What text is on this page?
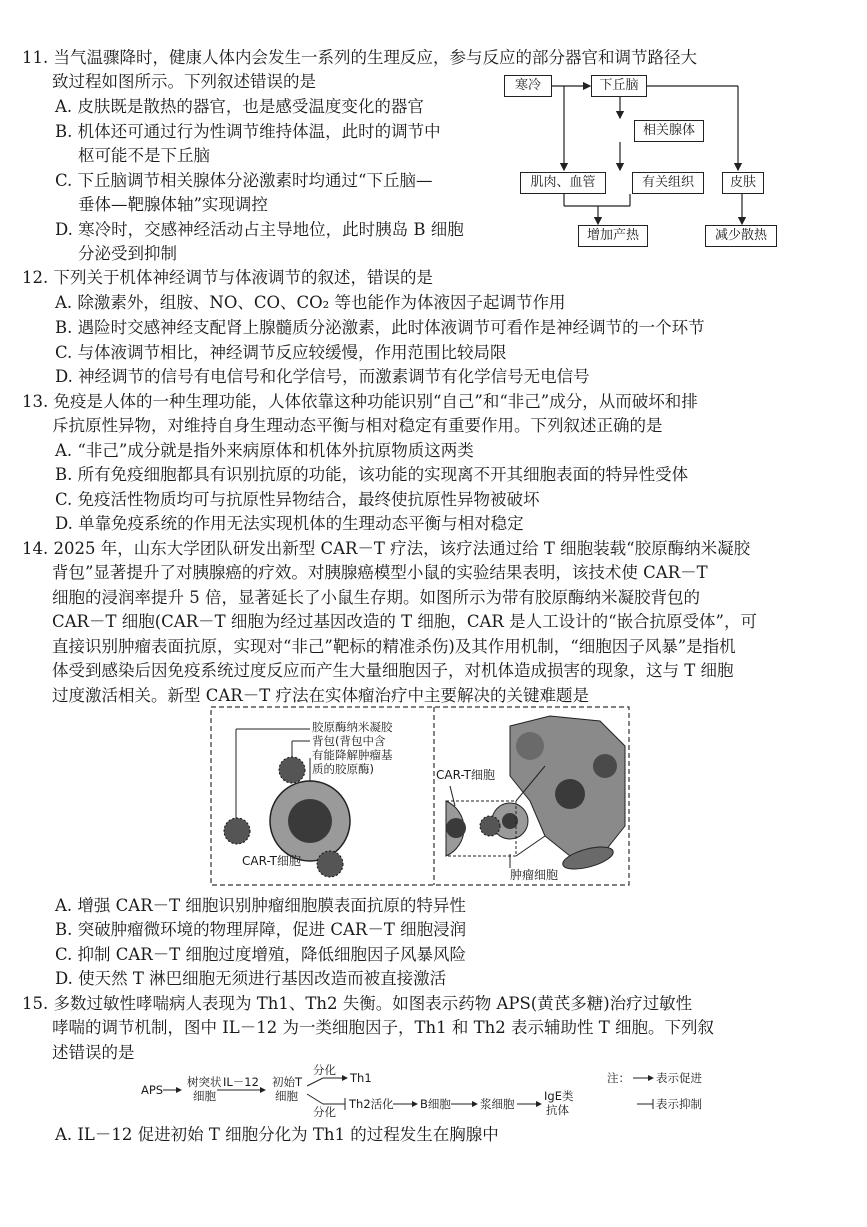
11. 当气温骤降时，健康人体内会发生一系列的生理反应，参与反应的部分器官和调节路径大
致过程如图所示。下列叙述错误的是
A. 皮肤既是散热的器官，也是感受温度变化的器官
B. 机体还可通过行为性调节维持体温，此时的调节中
枢可能不是下丘脑
C. 下丘脑调节相关腺体分泌激素时均通过“下丘脑—
垂体—靶腺体轴”实现调控
D. 寒冷时，交感神经活动占主导地位，此时胰岛 B 细胞
分泌受到抑制
寒冷	下丘脑
相关腺体
肌肉、血管	有关组织	皮肤
增加产热	减少散热
12. 下列关于机体神经调节与体液调节的叙述，错误的是
A. 除激素外，组胺、NO、CO、CO₂ 等也能作为体液因子起调节作用
B. 遇险时交感神经支配肾上腺髓质分泌激素，此时体液调节可看作是神经调节的一个环节
C. 与体液调节相比，神经调节反应较缓慢，作用范围比较局限
D. 神经调节的信号有电信号和化学信号，而激素调节有化学信号无电信号
13. 免疫是人体的一种生理功能，人体依靠这种功能识别“自己”和“非己”成分，从而破坏和排
斥抗原性异物，对维持自身生理动态平衡与相对稳定有重要作用。下列叙述正确的是
A. “非己”成分就是指外来病原体和机体外抗原物质这两类
B. 所有免疫细胞都具有识别抗原的功能，该功能的实现离不开其细胞表面的特异性受体
C. 免疫活性物质均可与抗原性异物结合，最终使抗原性异物被破坏
D. 单靠免疫系统的作用无法实现机体的生理动态平衡与相对稳定
14. 2025 年，山东大学团队研发出新型 CAR－T 疗法，该疗法通过给 T 细胞装载“胶原酶纳米凝胶
背包”显著提升了对胰腺癌的疗效。对胰腺癌模型小鼠的实验结果表明，该技术使 CAR－T
细胞的浸润率提升 5 倍，显著延长了小鼠生存期。如图所示为带有胶原酶纳米凝胶背包的
CAR－T 细胞(CAR－T 细胞为经过基因改造的 T 细胞，CAR 是人工设计的“嵌合抗原受体”，可
直接识别肿瘤表面抗原，实现对“非己”靶标的精准杀伤)及其作用机制，“细胞因子风暴”是指机
体受到感染后因免疫系统过度反应而产生大量细胞因子，对机体造成损害的现象，这与 T 细胞
过度激活相关。新型 CAR－T 疗法在实体瘤治疗中主要解决的关键难题是
胶原酶纳米凝胶
背包(背包中含
有能降解肿瘤基
质的胶原酶)
CAR-T细胞
CAR-T细胞
肿瘤细胞
A. 增强 CAR－T 细胞识别肿瘤细胞膜表面抗原的特异性
B. 突破肿瘤微环境的物理屏障，促进 CAR－T 细胞浸润
C. 抑制 CAR－T 细胞过度增殖，降低细胞因子风暴风险
D. 使天然 T 淋巴细胞无须进行基因改造而被直接激活
15. 多数过敏性哮喘病人表现为 Th1、Th2 失衡。如图表示药物 APS(黄芪多糖)治疗过敏性
哮喘的调节机制，图中 IL－12 为一类细胞因子，Th1 和 Th2 表示辅助性 T 细胞。下列叙
述错误的是
APS
树突状
细胞
IL－12 初始T
细胞
分化
Th1
分化
Th2活化 B细胞	浆细胞
IgE类
抗体
注： 表示促进
表示抑制
A. IL－12 促进初始 T 细胞分化为 Th1 的过程发生在胸腺中
